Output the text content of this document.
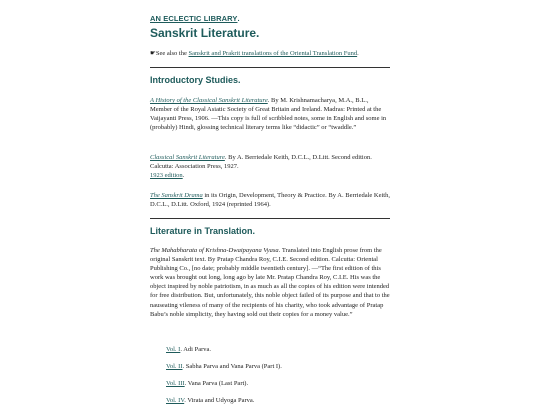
AN ECLECTIC LIBRARY.
Sanskrit Literature.
☛See also the Sanskrit and Prakrit translations of the Oriental Translation Fund.
Introductory Studies.
A History of the Classical Sanskrit Literature. By M. Krishnamacharya, M.A., B.L., Member of the Royal Asiatic Society of Great Britain and Ireland. Madras: Printed at the Vaijayanti Press, 1906. —This copy is full of scribbled notes, some in English and some in (probably) Hindi, glossing technical literary terms like “didactic” or “twaddle.”
Classical Sanskrit Literature. By A. Berriedale Keith, D.C.L., D.Litt. Second edition. Calcutta: Association Press, 1927.
1923 edition.
The Sanskrit Drama in its Origin, Development, Theory & Practice. By A. Berriedale Keith, D.C.L., D.Litt. Oxford, 1924 (reprinted 1964).
Literature in Translation.
The Mahabharata of Krishna-Dwaipayana Vyasa. Translated into English prose from the original Sanskrit text. By Pratap Chandra Roy, C.I.E. Second edition. Calcutta: Oriental Publishing Co., [no date; probably middle twentieth century]. —“The first edition of this work was brought out long, long ago by late Mr. Pratap Chandra Roy, C.I.E. His was the object inspired by noble patriotism, in as much as all the copies of his edition were intended for free distribution. But, unfortunately, this noble object failed of its purpose and that to the nauseating vileness of many of the recipients of his charity, who took advantage of Pratap Babu’s noble simplicity, they having sold out their copies for a money value.”
Vol. I. Adi Parva.
Vol. II. Sabha Parva and Vana Parva (Part I).
Vol. III. Vana Parva (Last Part).
Vol. IV. Virata and Udyoga Parva.
